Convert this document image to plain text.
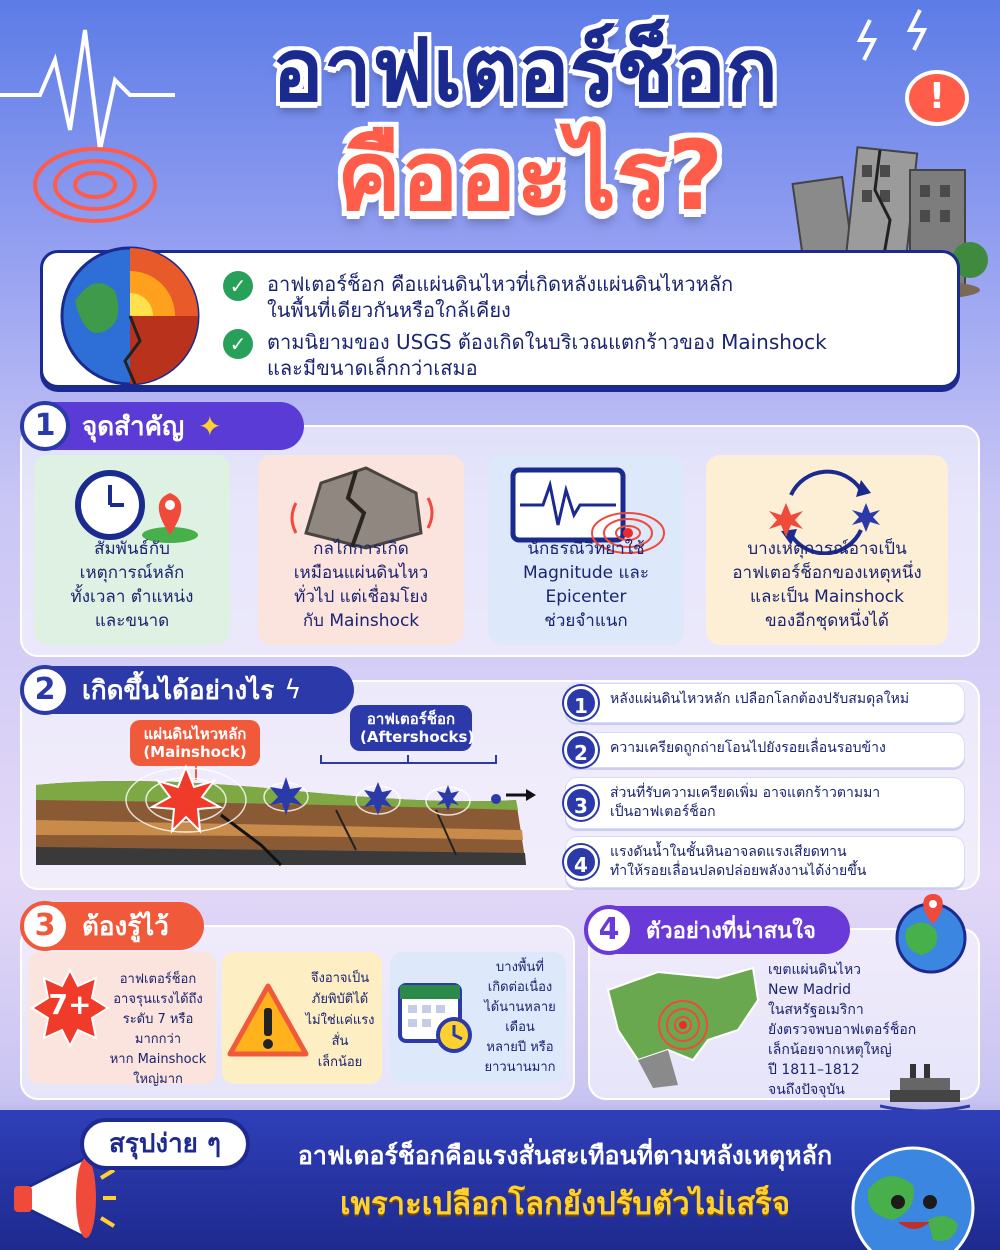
!
อาฟเตอร์ช็อก
คืออะไร?
✓	อาฟเตอร์ช็อก คือแผ่นดินไหวที่เกิดหลังแผ่นดินไหวหลัก
ในพื้นที่เดียวกันหรือใกล้เคียง
✓	ตามนิยามของ USGS ต้องเกิดในบริเวณแตกร้าวของ Mainshock
และมีขนาดเล็กกว่าเสมอ
1	จุดสำคัญ ✦
สัมพันธ์กับ
เหตุการณ์หลัก
ทั้งเวลา ตำแหน่ง
และขนาด
กลไกการเกิด
เหมือนแผ่นดินไหว
ทั่วไป แต่เชื่อมโยง
กับ Mainshock
นักธรณีวิทยาใช้
Magnitude และ
Epicenter
ช่วยจำแนก
บางเหตุการณ์อาจเป็น
อาฟเตอร์ช็อกของเหตุหนึ่ง
และเป็น Mainshock
ของอีกชุดหนึ่งได้
2	เกิดขึ้นได้อย่างไร ϟ
แผ่นดินไหวหลัก
(Mainshock)
อาฟเตอร์ช็อก
(Aftershocks)
1	หลังแผ่นดินไหวหลัก เปลือกโลกต้องปรับสมดุลใหม่
2	ความเครียดถูกถ่ายโอนไปยังรอยเลื่อนรอบข้าง
3
ส่วนที่รับความเครียดเพิ่ม อาจแตกร้าวตามมา
เป็นอาฟเตอร์ช็อก
4
แรงดันน้ำในชั้นหินอาจลดแรงเสียดทาน
ทำให้รอยเลื่อนปลดปล่อยพลังงานได้ง่ายขึ้น
3	ต้องรู้ไว้
7+
อาฟเตอร์ช็อก
อาจรุนแรงได้ถึง
ระดับ 7 หรือมากกว่า
หาก Mainshock
ใหญ่มาก
จึงอาจเป็น
ภัยพิบัติได้
ไม่ใช่แค่แรงสั่น
เล็กน้อย
บางพื้นที่
เกิดต่อเนื่อง
ได้นานหลายเดือน
หลายปี หรือ
ยาวนานมาก
4	ตัวอย่างที่น่าสนใจ
เขตแผ่นดินไหว
New Madrid
ในสหรัฐอเมริกา
ยังตรวจพบอาฟเตอร์ช็อก
เล็กน้อยจากเหตุใหญ่
ปี 1811–1812
จนถึงปัจจุบัน
สรุปง่าย ๆ	อาฟเตอร์ช็อกคือแรงสั่นสะเทือนที่ตามหลังเหตุหลัก
เพราะเปลือกโลกยังปรับตัวไม่เสร็จ
